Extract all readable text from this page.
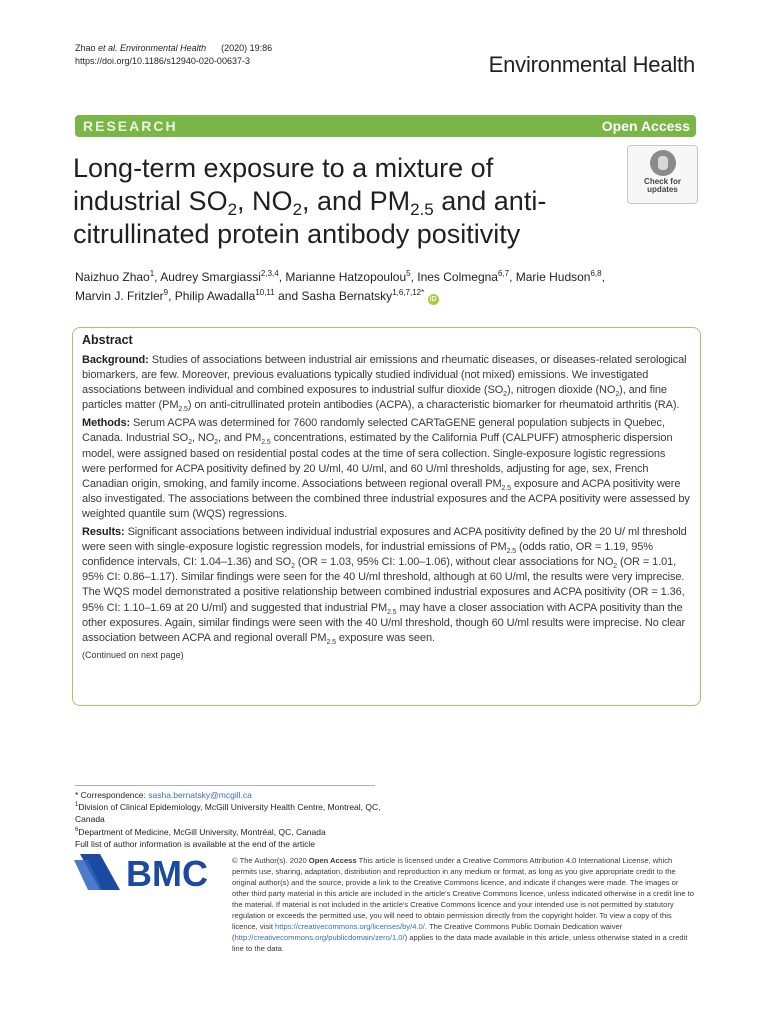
Zhao et al. Environmental Health (2020) 19:86
https://doi.org/10.1186/s12940-020-00637-3	Environmental Health
RESEARCH	Open Access
Long-term exposure to a mixture of
industrial $SO_2$, $NO_2$, and $PM_{2.5}$ and anti-
citrullinated protein antibody positivity
Check for
updates
Naizhuo Zhao$^1$, Audrey Smargiassi$^{2,3,4}$, Marianne Hatzopoulou$^5$, Ines Colmegna$^{6,7}$, Marie Hudson$^{6,8}$,
Marvin J. Fritzler$^9$, Philip Awadalla$^{10,11}$ and Sasha Bernatsky$^{1,6,7,12*}$ iD
Abstract

Background: Studies of associations between industrial air emissions and rheumatic diseases, or diseases-related serological biomarkers, are few. Moreover, previous evaluations typically studied individual (not mixed) emissions. We investigated associations between individual and combined exposures to industrial sulfur dioxide $(SO_2)$, nitrogen dioxide $(NO_2)$, and fine particles matter $(PM_{2.5})$ on anti-citrullinated protein antibodies (ACPA), a characteristic biomarker for rheumatoid arthritis (RA).

Methods: Serum ACPA was determined for 7600 randomly selected CARTaGENE general population subjects in Quebec, Canada. Industrial $SO_2$, $NO_2$, and $PM_{2.5}$ concentrations, estimated by the California Puff (CALPUFF) atmospheric dispersion model, were assigned based on residential postal codes at the time of sera collection. Single-exposure logistic regressions were performed for ACPA positivity defined by 20 U/ml, 40 U/ml, and 60 U/ml thresholds, adjusting for age, sex, French Canadian origin, smoking, and family income. Associations between regional overall $PM_{2.5}$ exposure and ACPA positivity were also investigated. The associations between the combined three industrial exposures and the ACPA positivity were assessed by weighted quantile sum (WQS) regressions.

Results: Significant associations between individual industrial exposures and ACPA positivity defined by the 20 U/ ml threshold were seen with single-exposure logistic regression models, for industrial emissions of $PM_{2.5}$ (odds ratio, OR = 1.19, 95% confidence intervals, CI: 1.04–1.36) and $SO_2$ (OR = 1.03, 95% CI: 1.00–1.06), without clear associations for $NO_2$ (OR = 1.01, 95% CI: 0.86–1.17). Similar findings were seen for the 40 U/ml threshold, although at 60 U/ml, the results were very imprecise. The WQS model demonstrated a positive relationship between combined industrial exposures and ACPA positivity (OR = 1.36, 95% CI: 1.10–1.69 at 20 U/ml) and suggested that industrial $PM_{2.5}$ may have a closer association with ACPA positivity than the other exposures. Again, similar findings were seen with the 40 U/ml threshold, though 60 U/ml results were imprecise. No clear association between ACPA and regional overall $PM_{2.5}$ exposure was seen.

(Continued on next page)
* Correspondence: sasha.bernatsky@mcgill.ca
$^1$Division of Clinical Epidemiology, McGill University Health Centre, Montreal, QC, Canada
$^6$Department of Medicine, McGill University, Montréal, QC, Canada
Full list of author information is available at the end of the article
BMC	© The Author(s). 2020 Open Access This article is licensed under a Creative Commons Attribution 4.0 International License, which permits use, sharing, adaptation, distribution and reproduction in any medium or format, as long as you give appropriate credit to the original author(s) and the source, provide a link to the Creative Commons licence, and indicate if changes were made. The images or other third party material in this article are included in the article's Creative Commons licence, unless indicated otherwise in a credit line to the material. If material is not included in the article's Creative Commons licence and your intended use is not permitted by statutory regulation or exceeds the permitted use, you will need to obtain permission directly from the copyright holder. To view a copy of this licence, visit https://creativecommons.org/licenses/by/4.0/. The Creative Commons Public Domain Dedication waiver (http://creativecommons.org/publicdomain/zero/1.0/) applies to the data made available in this article, unless otherwise stated in a credit line to the data.
